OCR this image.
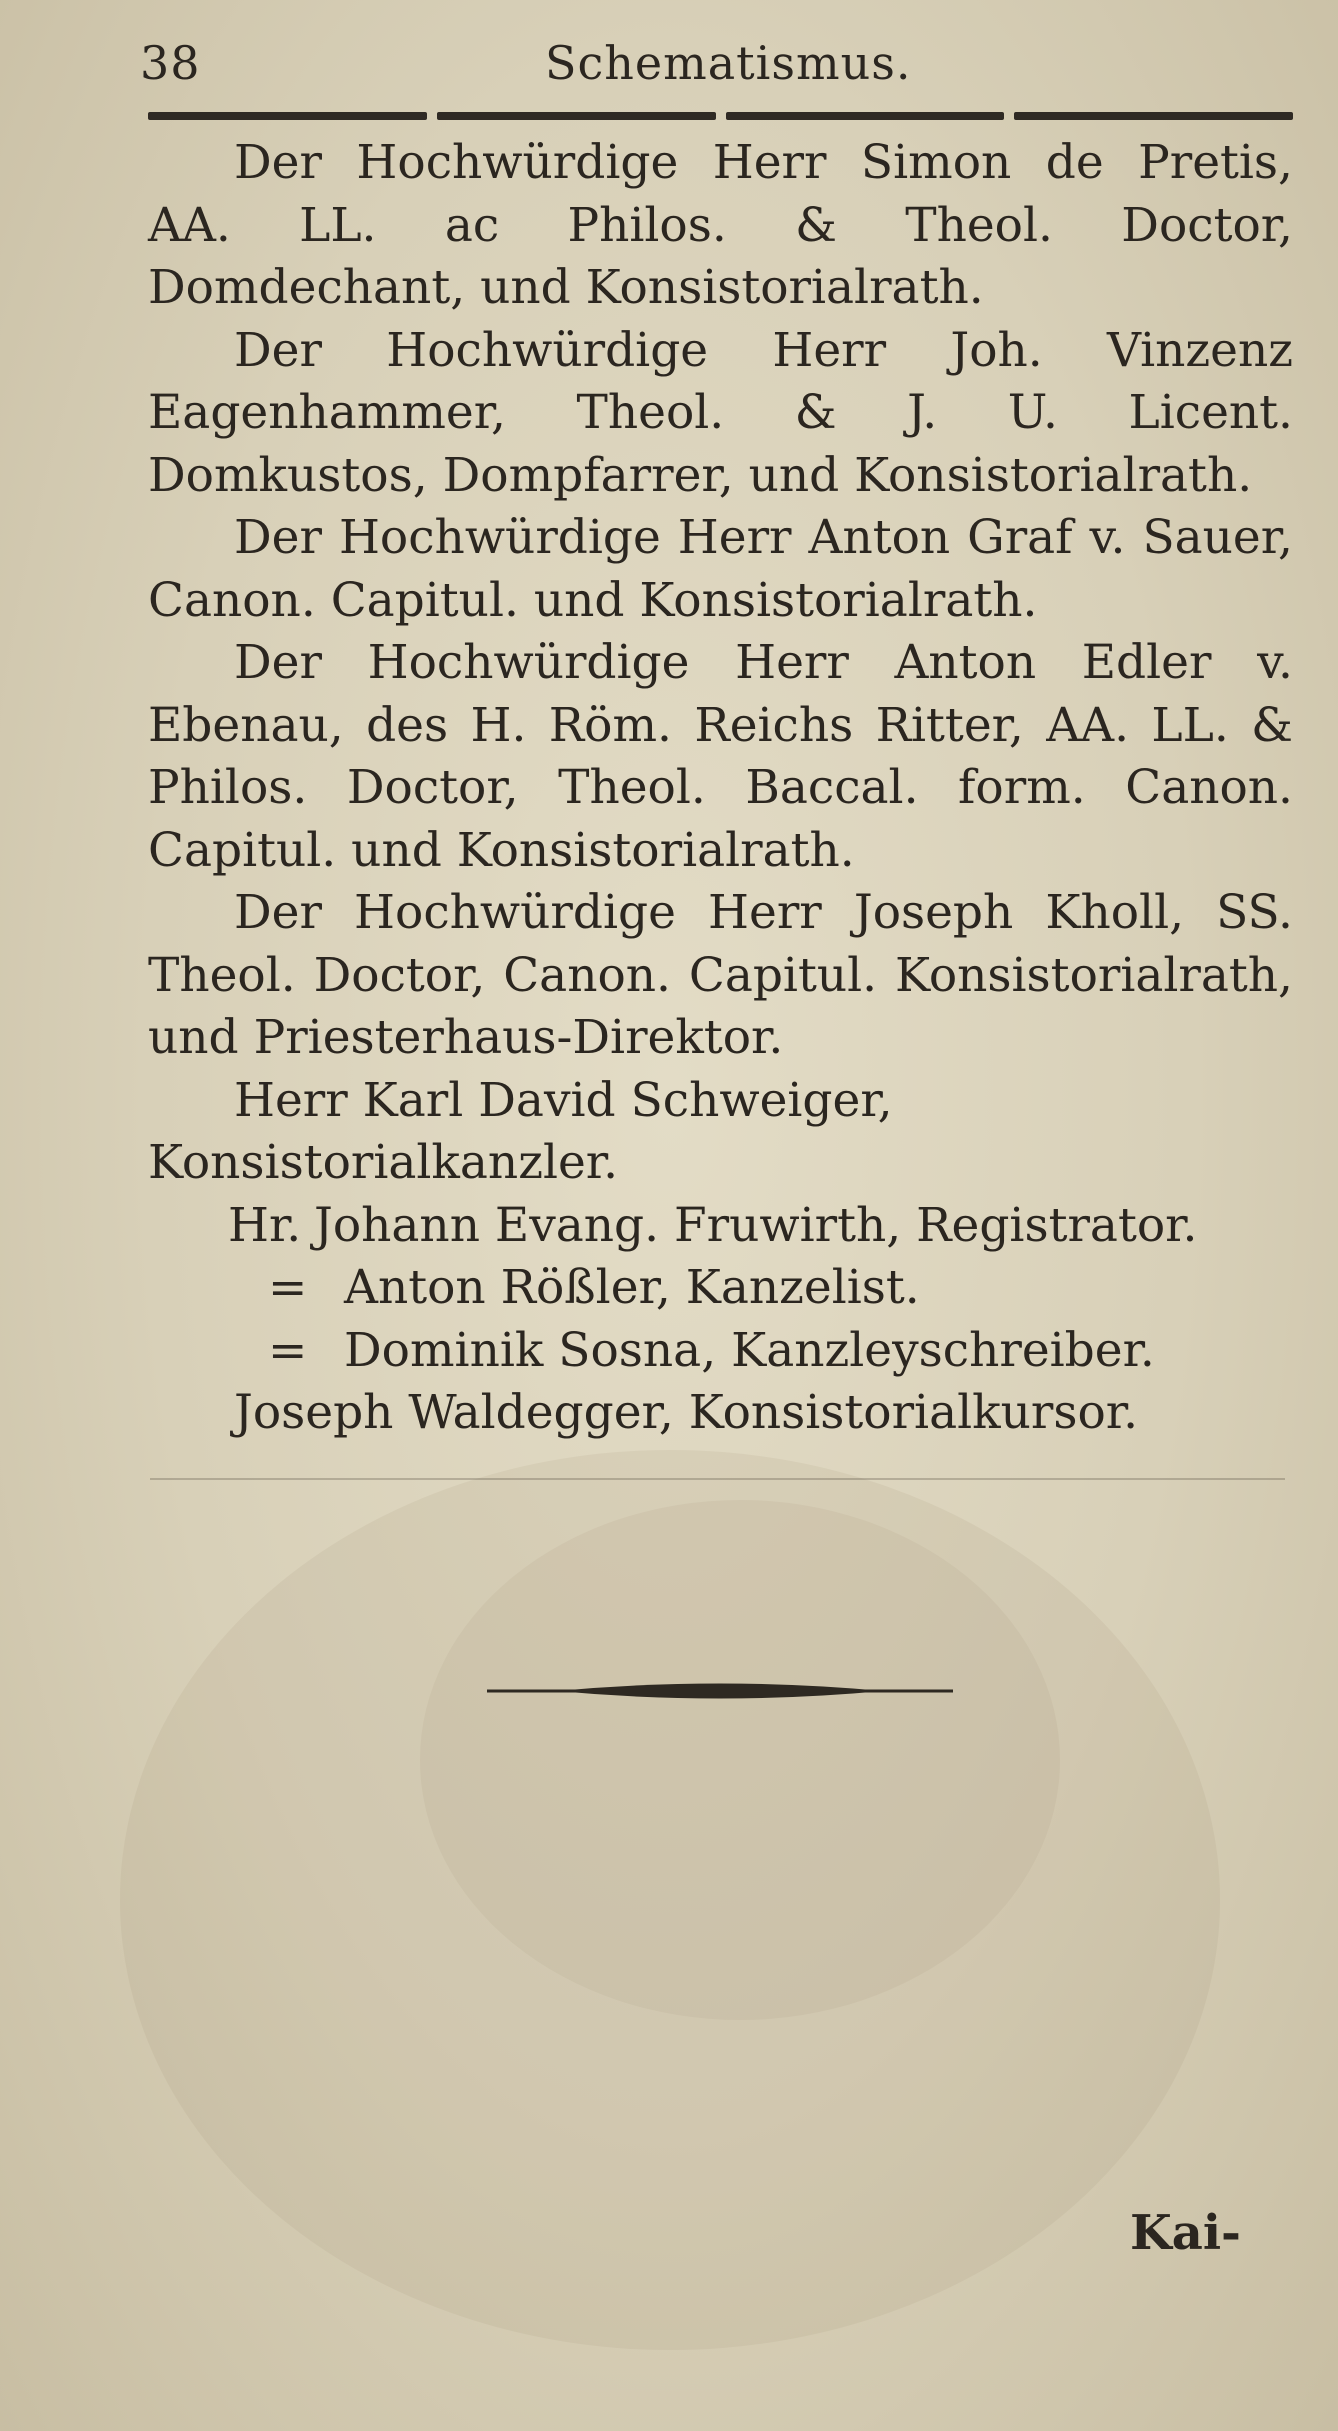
38	Schematismus.

Der Hochwürdige Herr Simon de Pretis, AA. LL. ac Philos. & Theol. Doctor, Domdechant, und Konsistorialrath.

Der Hochwürdige Herr Joh. Vinzenz Eagenhammer, Theol. & J. U. Licent. Domkustos, Dompfarrer, und Konsistorialrath.

Der Hochwürdige Herr Anton Graf v. Sauer, Canon. Capitul. und Konsistorialrath.

Der Hochwürdige Herr Anton Edler v. Ebenau, des H. Röm. Reichs Ritter, AA. LL. & Philos. Doctor, Theol. Baccal. form. Canon. Capitul. und Konsistorialrath.

Der Hochwürdige Herr Joseph Kholl, SS. Theol. Doctor, Canon. Capitul. Konsistorialrath, und Priesterhaus-Direktor.

Herr Karl David Schweiger, Konsistorialkanzler.

Hr. Johann Evang. Fruwirth, Registrator.

= Anton Rößler, Kanzelist.

= Dominik Sosna, Kanzleyschreiber.

Joseph Waldegger, Konsistorialkursor.

Kai-
